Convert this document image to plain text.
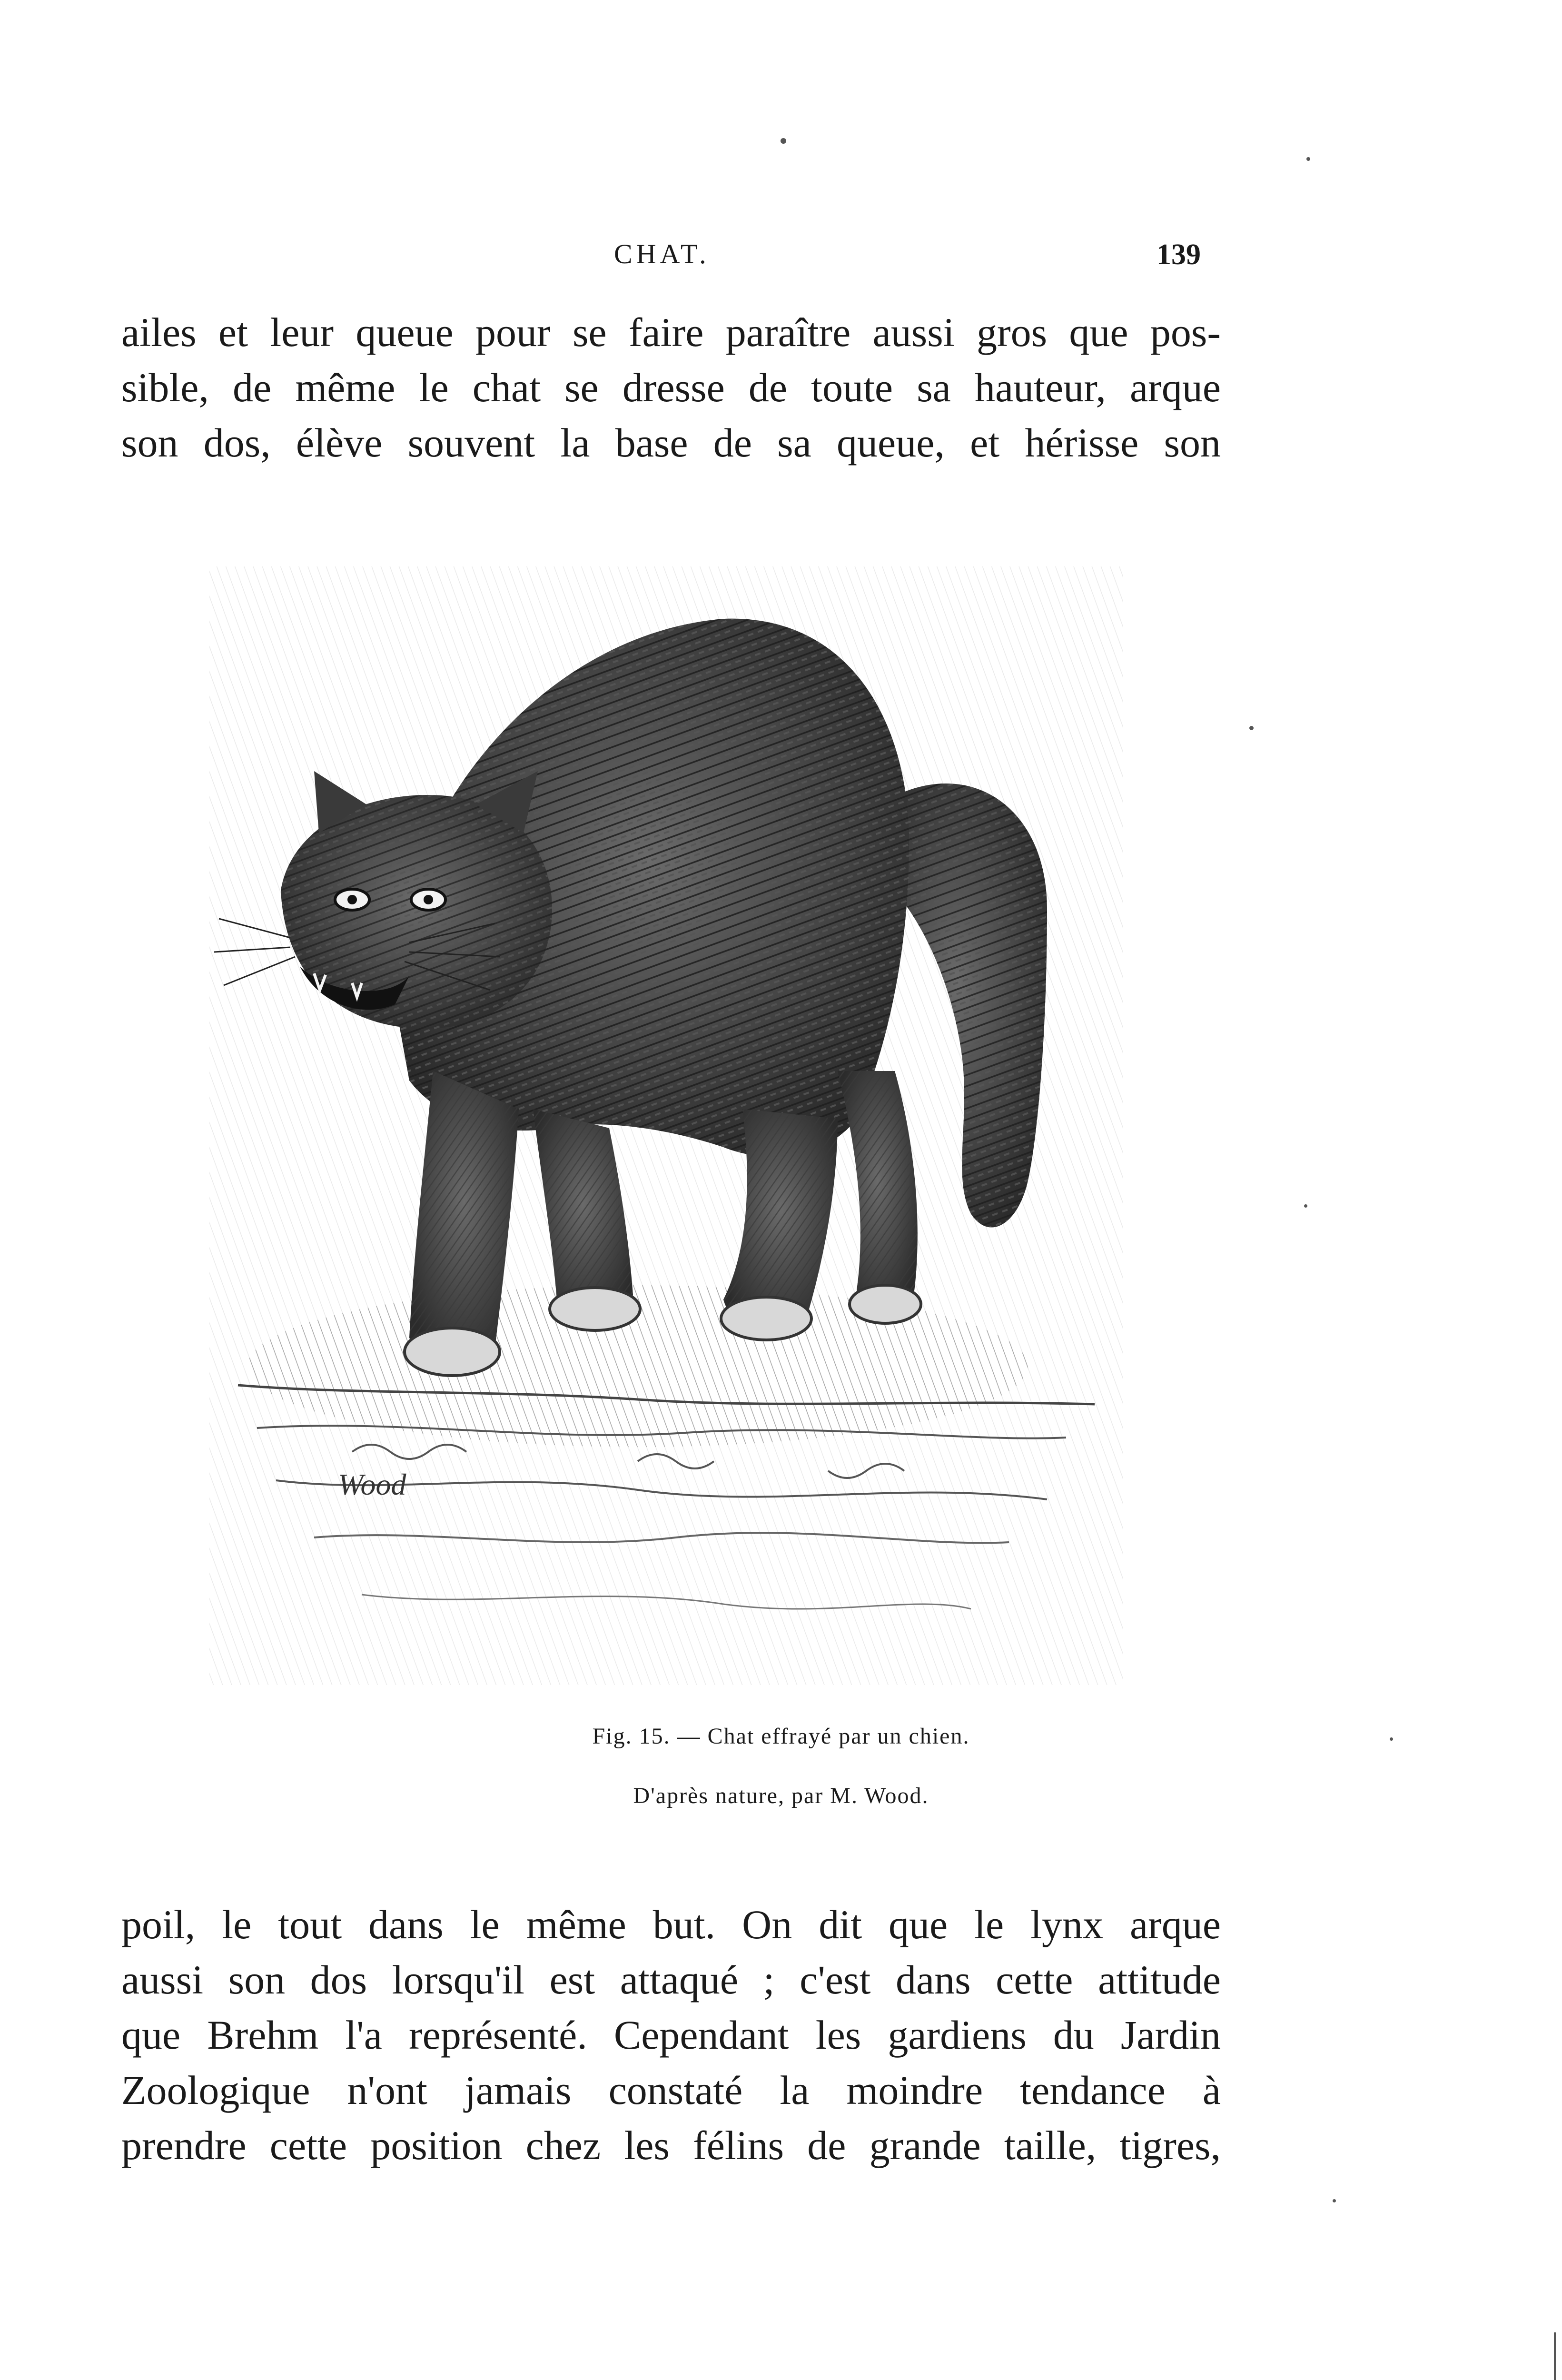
CHAT.	139
ailes et leur queue pour se faire paraître aussi gros que pos-
sible, de même le chat se dresse de toute sa hauteur, arque
son dos, élève souvent la base de sa queue, et hérisse son
Wood
Fig. 15. — Chat effrayé par un chien.
D'après nature, par M. Wood.
poil, le tout dans le même but. On dit que le lynx arque
aussi son dos lorsqu'il est attaqué ; c'est dans cette attitude
que Brehm l'a représenté. Cependant les gardiens du Jardin
Zoologique n'ont jamais constaté la moindre tendance à
prendre cette position chez les félins de grande taille, tigres,
